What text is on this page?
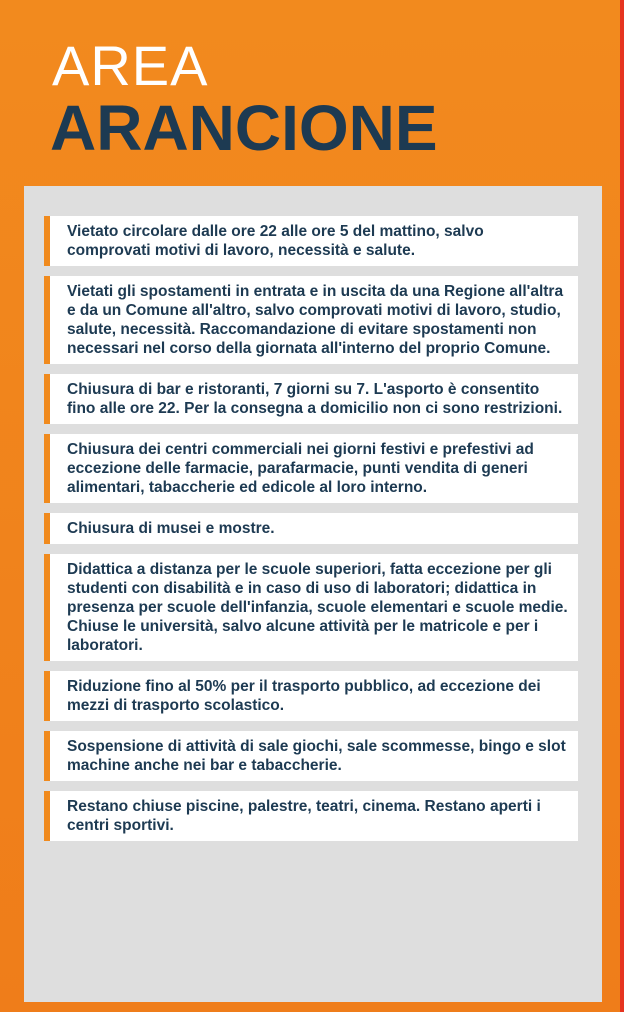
AREA
ARANCIONE
Vietato circolare dalle ore 22 alle ore 5 del mattino, salvo comprovati motivi di lavoro, necessità e salute.
Vietati gli spostamenti in entrata e in uscita da una Regione all'altra e da un Comune all'altro, salvo comprovati motivi di lavoro, studio, salute, necessità. Raccomandazione di evitare spostamenti non necessari nel corso della giornata all'interno del proprio Comune.
Chiusura di bar e ristoranti, 7 giorni su 7. L'asporto è consentito fino alle ore 22. Per la consegna a domicilio non ci sono restrizioni.
Chiusura dei centri commerciali nei giorni festivi e prefestivi ad eccezione delle farmacie, parafarmacie, punti vendita di generi alimentari, tabaccherie ed edicole al loro interno.
Chiusura di musei e mostre.
Didattica a distanza per le scuole superiori, fatta eccezione per gli studenti con disabilità e in caso di uso di laboratori; didattica in presenza per scuole dell'infanzia, scuole elementari e scuole medie. Chiuse le università, salvo alcune attività per le matricole e per i laboratori.
Riduzione fino al 50% per il trasporto pubblico, ad eccezione dei mezzi di trasporto scolastico.
Sospensione di attività di sale giochi, sale scommesse, bingo e slot machine anche nei bar e tabaccherie.
Restano chiuse piscine, palestre, teatri, cinema. Restano aperti i centri sportivi.
